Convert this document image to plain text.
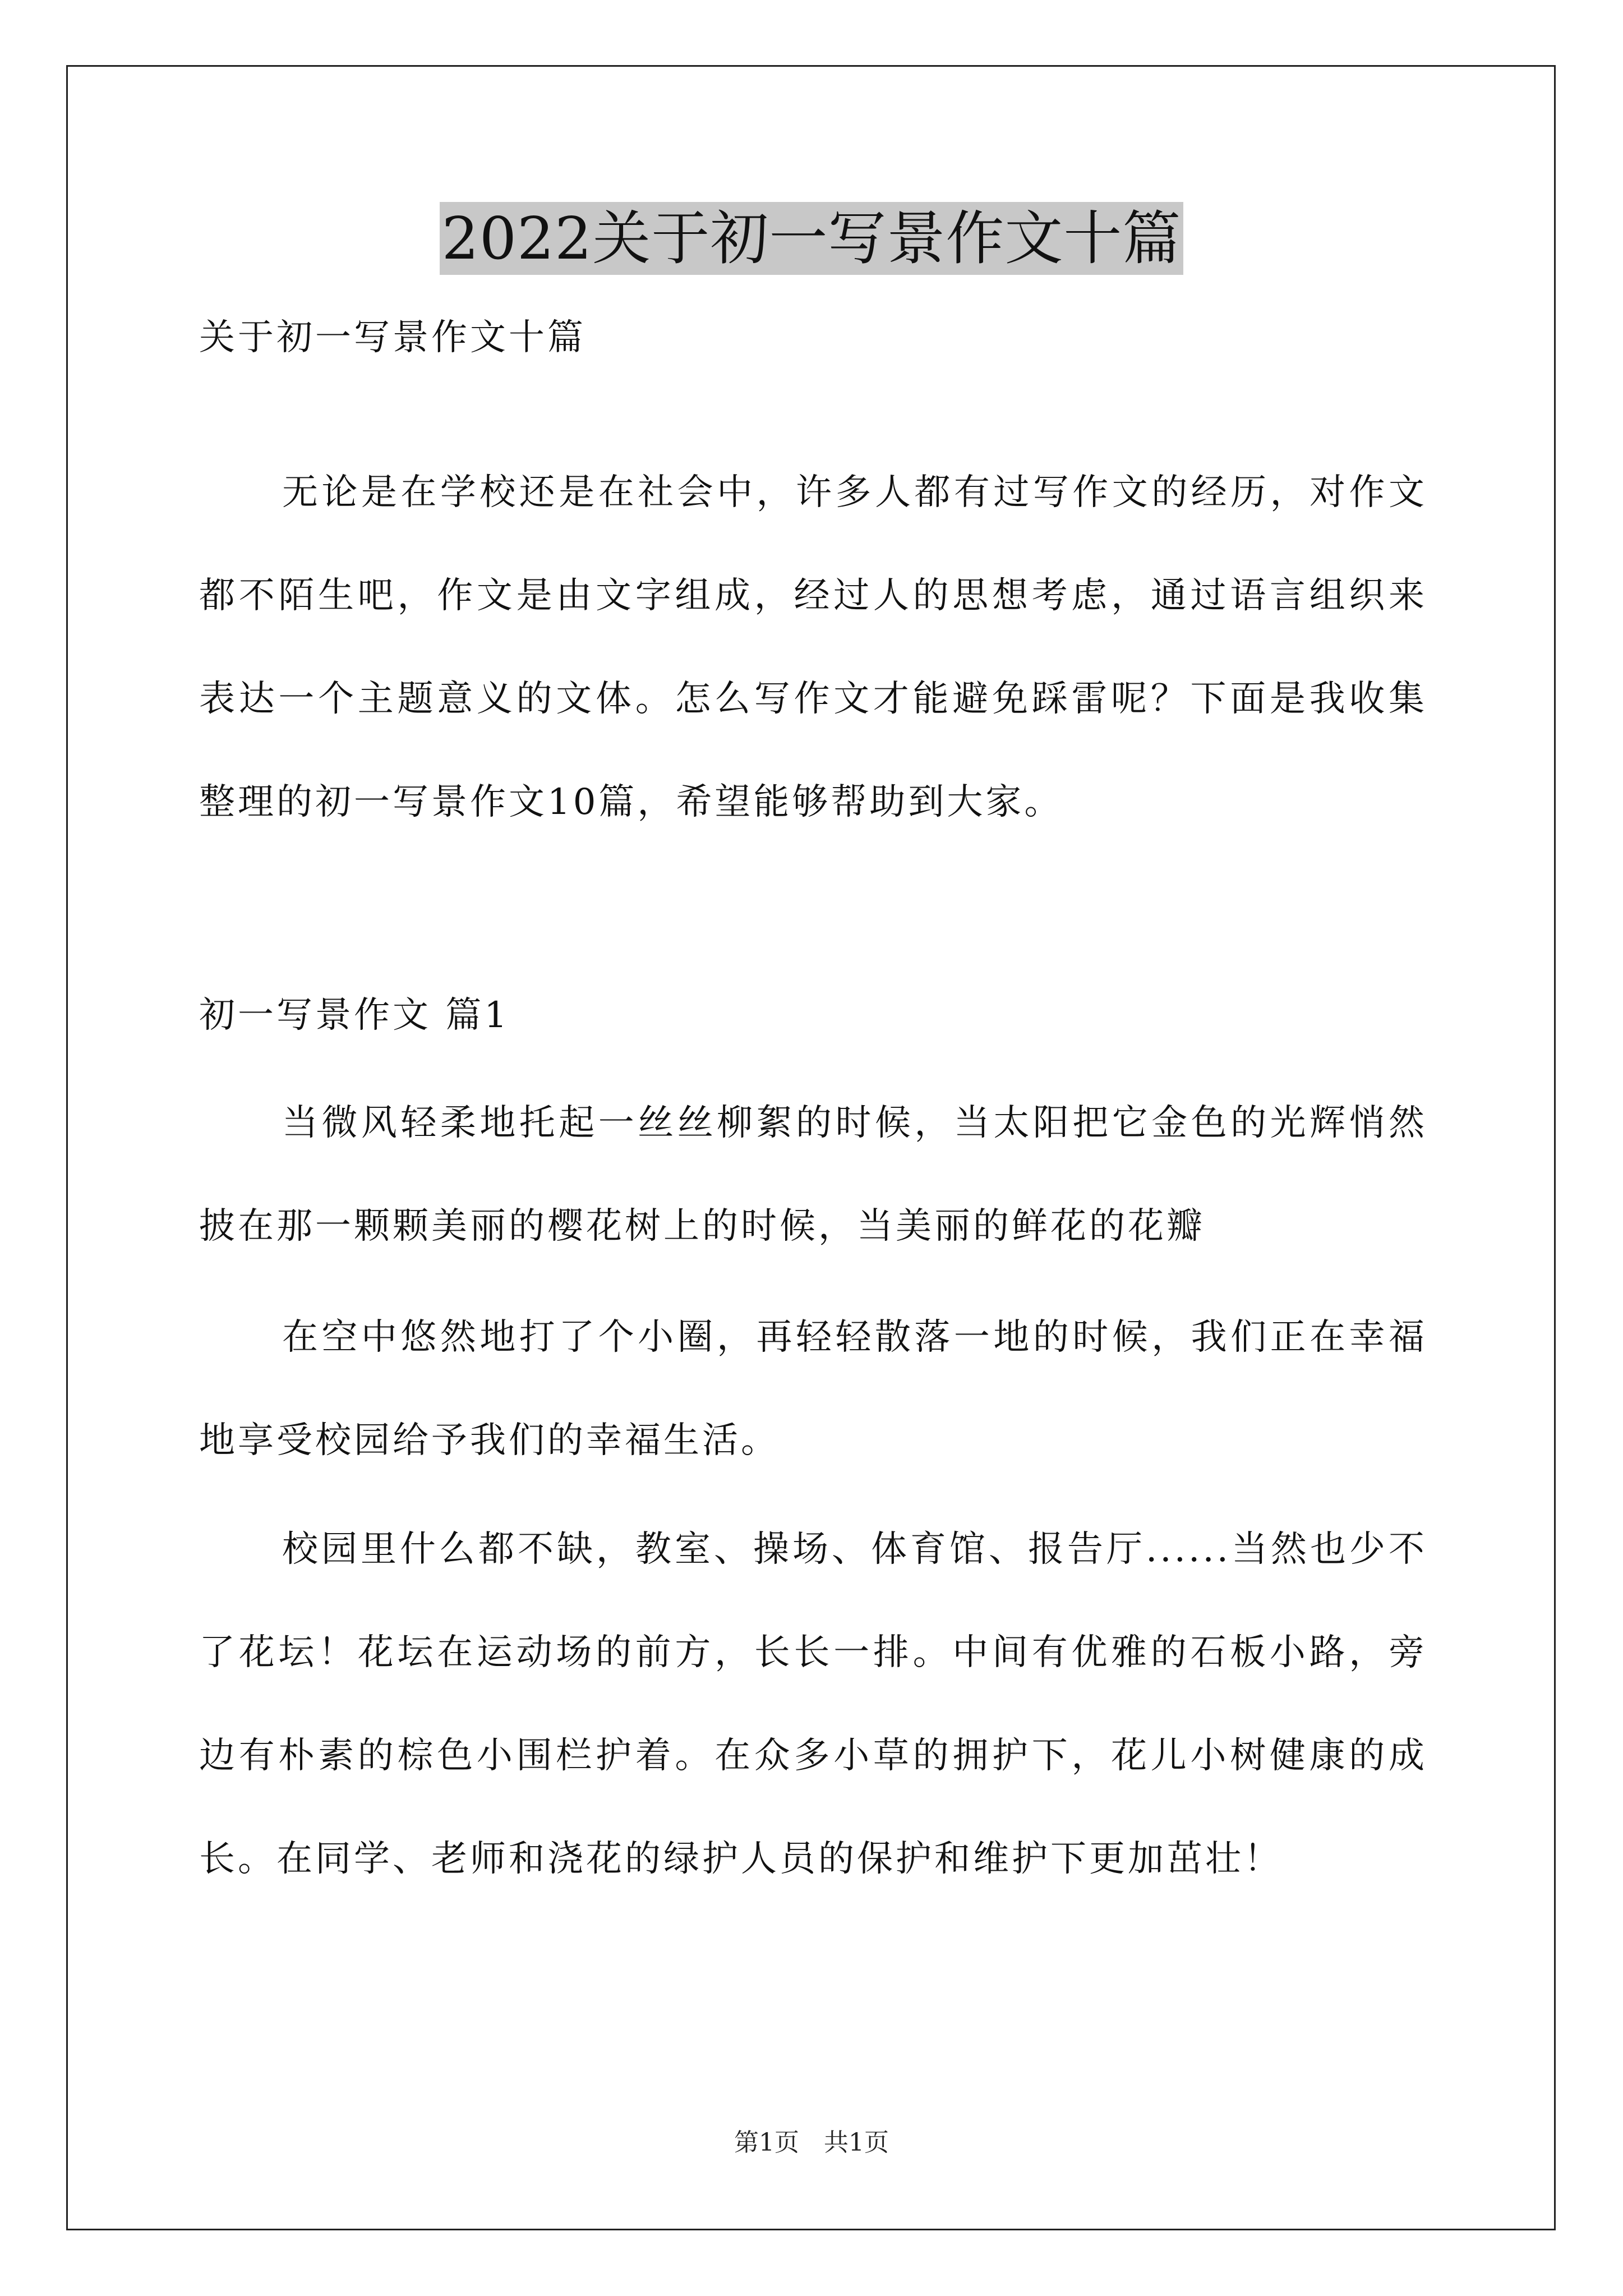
2022关于初一写景作文十篇

关于初一写景作文十篇

无论是在学校还是在社会中，许多人都有过写作文的经历，对作文都不陌生吧，作文是由文字组成，经过人的思想考虑，通过语言组织来表达一个主题意义的文体。怎么写作文才能避免踩雷呢？下面是我收集整理的初一写景作文10篇，希望能够帮助到大家。

初一写景作文 篇1

当微风轻柔地托起一丝丝柳絮的时候，当太阳把它金色的光辉悄然披在那一颗颗美丽的樱花树上的时候，当美丽的鲜花的花瓣

在空中悠然地打了个小圈，再轻轻散落一地的时候，我们正在幸福地享受校园给予我们的幸福生活。

校园里什么都不缺，教室、操场、体育馆、报告厅......当然也少不了花坛！花坛在运动场的前方，长长一排。中间有优雅的石板小路，旁边有朴素的棕色小围栏护着。在众多小草的拥护下，花儿小树健康的成长。在同学、老师和浇花的绿护人员的保护和维护下更加茁壮！

第1页　共1页
